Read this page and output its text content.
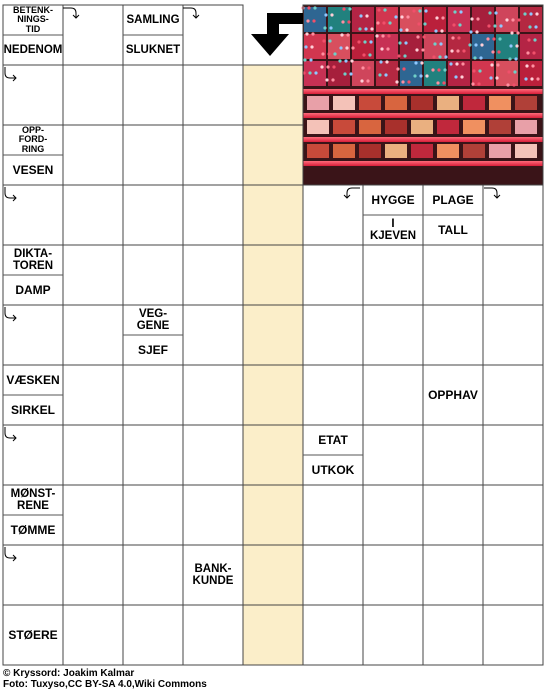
BETENK-
NINGS-
TID
NEDENOM
SAMLING
SLUKNET
OPP-
FORD-
RING
VESEN
HYGGE	PLAGE
I
KJEVEN	TALL
DIKTA-
TOREN
DAMP
VEG-
GENE
SJEF
VÆSKEN
SIRKEL
OPPHAV
ETAT
UTKOK
MØNST-
RENE
TØMME
BANK-
KUNDE
STØERE
© Kryssord: Joakim Kalmar
Foto: Tuxyso,CC BY-SA 4.0,Wiki Commons
